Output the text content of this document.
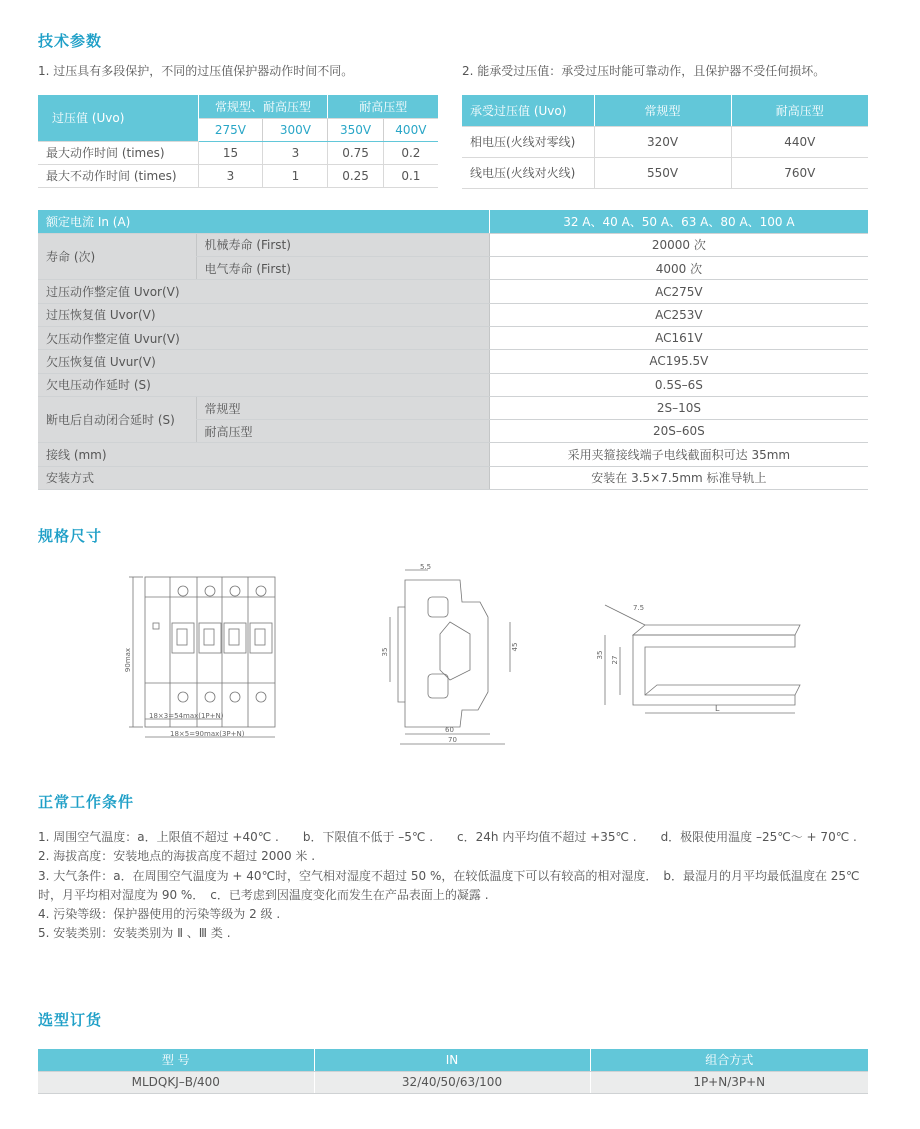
技术参数
1. 过压具有多段保护，不同的过压值保护器动作时间不同。	2. 能承受过压值：承受过压时能可靠动作，且保护器不受任何损坏。
过压值 (Uvo)	常规型、耐高压型		耐高压型	
	275V	300V	350V	400V
最大动作时间 (times)	15	3	0.75	0.2
最大不动作时间 (times)	3	1	0.25	0.1
承受过压值 (Uvo)	常规型	耐高压型
相电压(火线对零线)	320V	440V
线电压(火线对火线)	550V	760V
额定电流 In (A)		32 A、40 A、50 A、63 A、80 A、100 A
寿命 (次)	机械寿命 (First)	20000 次
	电气寿命 (First)	4000 次
过压动作整定值 Uvor(V)		AC275V
过压恢复值 Uvor(V)		AC253V
欠压动作整定值 Uvur(V)		AC161V
欠压恢复值 Uvur(V)		AC195.5V
欠电压动作延时 (S)		0.5S–6S
断电后自动闭合延时 (S)	常规型	2S–10S
	耐高压型	20S–60S
接线 (mm)		采用夹箍接线端子电线截面积可达 35mm
安装方式		安装在 3.5×7.5mm 标准导轨上
规格尺寸
90max
18×3=54max(1P+N)
18×5=90max(3P+N)
5.5
35
45
60
70
7.5
35
27
L
正常工作条件

1. 周围空气温度：a．上限值不超过 +40℃ .　　b．下限值不低于 –5℃ .　　c．24h 内平均值不超过 +35℃ .　　d．极限使用温度 –25℃～ + 70℃ .

2. 海拔高度：安装地点的海拔高度不超过 2000 米 .

3. 大气条件：a．在周围空气温度为 + 40℃时，空气相对湿度不超过 50 %，在较低温度下可以有较高的相对湿度．　b．最湿月的月平均最低温度在 25℃时，月平均相对湿度为 90 %．　c．已考虑到因温度变化而发生在产品表面上的凝露 .

4. 污染等级：保护器使用的污染等级为 2 级 .

5. 安装类别：安装类别为 Ⅱ 、Ⅲ 类 .

选型订货
型 号	IN	组合方式
MLDQKJ–B/400	32/40/50/63/100	1P+N/3P+N
